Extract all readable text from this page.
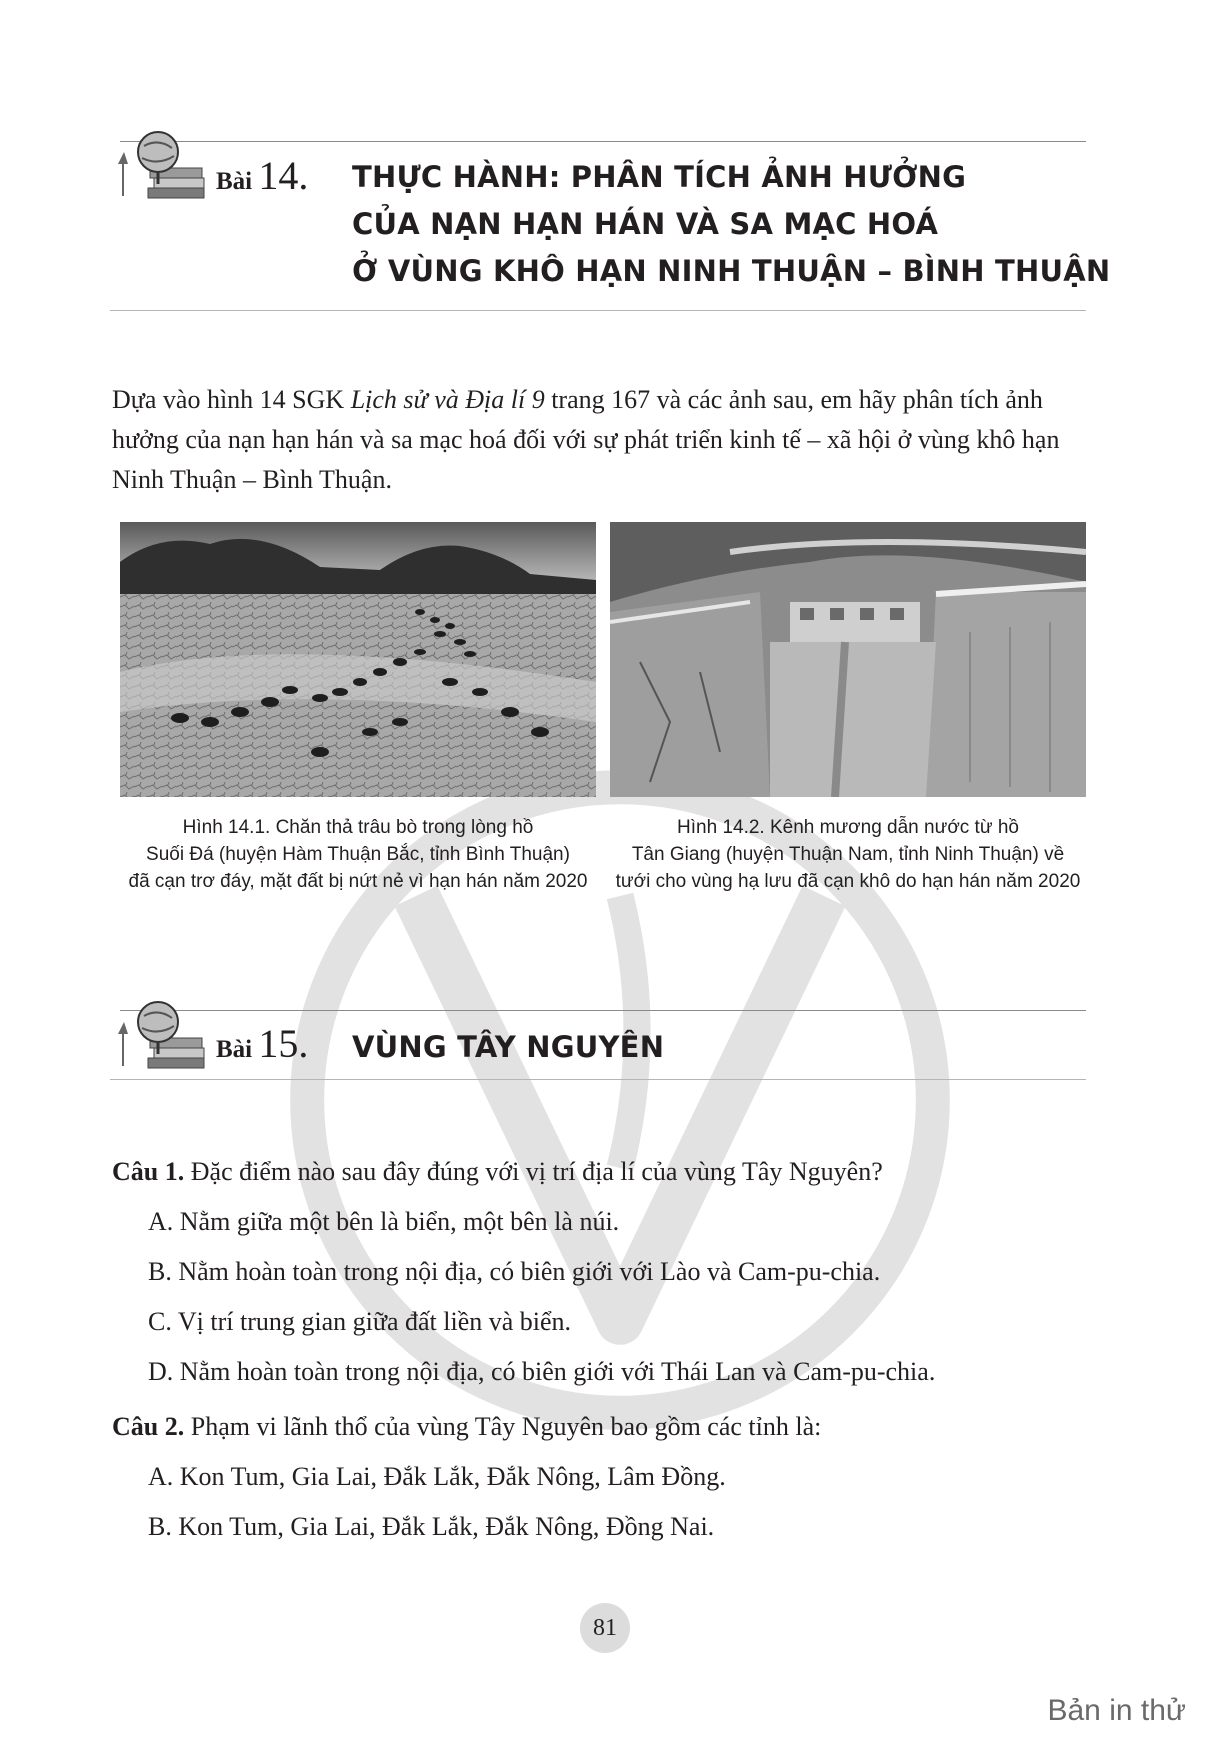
Bài 14. THỰC HÀNH: PHÂN TÍCH ẢNH HƯỞNG
CỦA NẠN HẠN HÁN VÀ SA MẠC HOÁ
Ở VÙNG KHÔ HẠN NINH THUẬN – BÌNH THUẬN
Dựa vào hình 14 SGK Lịch sử và Địa lí 9 trang 167 và các ảnh sau, em hãy phân tích ảnh hưởng của nạn hạn hán và sa mạc hoá đối với sự phát triển kinh tế – xã hội ở vùng khô hạn Ninh Thuận – Bình Thuận.
Hình 14.1. Chăn thả trâu bò trong lòng hồ
Suối Đá (huyện Hàm Thuận Bắc, tỉnh Bình Thuận)
đã cạn trơ đáy, mặt đất bị nứt nẻ vì hạn hán năm 2020
Hình 14.2. Kênh mương dẫn nước từ hồ
Tân Giang (huyện Thuận Nam, tỉnh Ninh Thuận) về
tưới cho vùng hạ lưu đã cạn khô do hạn hán năm 2020
Bài 15. VÙNG TÂY NGUYÊN
Câu 1. Đặc điểm nào sau đây đúng với vị trí địa lí của vùng Tây Nguyên?
A. Nằm giữa một bên là biển, một bên là núi.
B. Nằm hoàn toàn trong nội địa, có biên giới với Lào và Cam-pu-chia.
C. Vị trí trung gian giữa đất liền và biển.
D. Nằm hoàn toàn trong nội địa, có biên giới với Thái Lan và Cam-pu-chia.
Câu 2. Phạm vi lãnh thổ của vùng Tây Nguyên bao gồm các tỉnh là:
A. Kon Tum, Gia Lai, Đắk Lắk, Đắk Nông, Lâm Đồng.
B. Kon Tum, Gia Lai, Đắk Lắk, Đắk Nông, Đồng Nai.
81
Bản in thử
